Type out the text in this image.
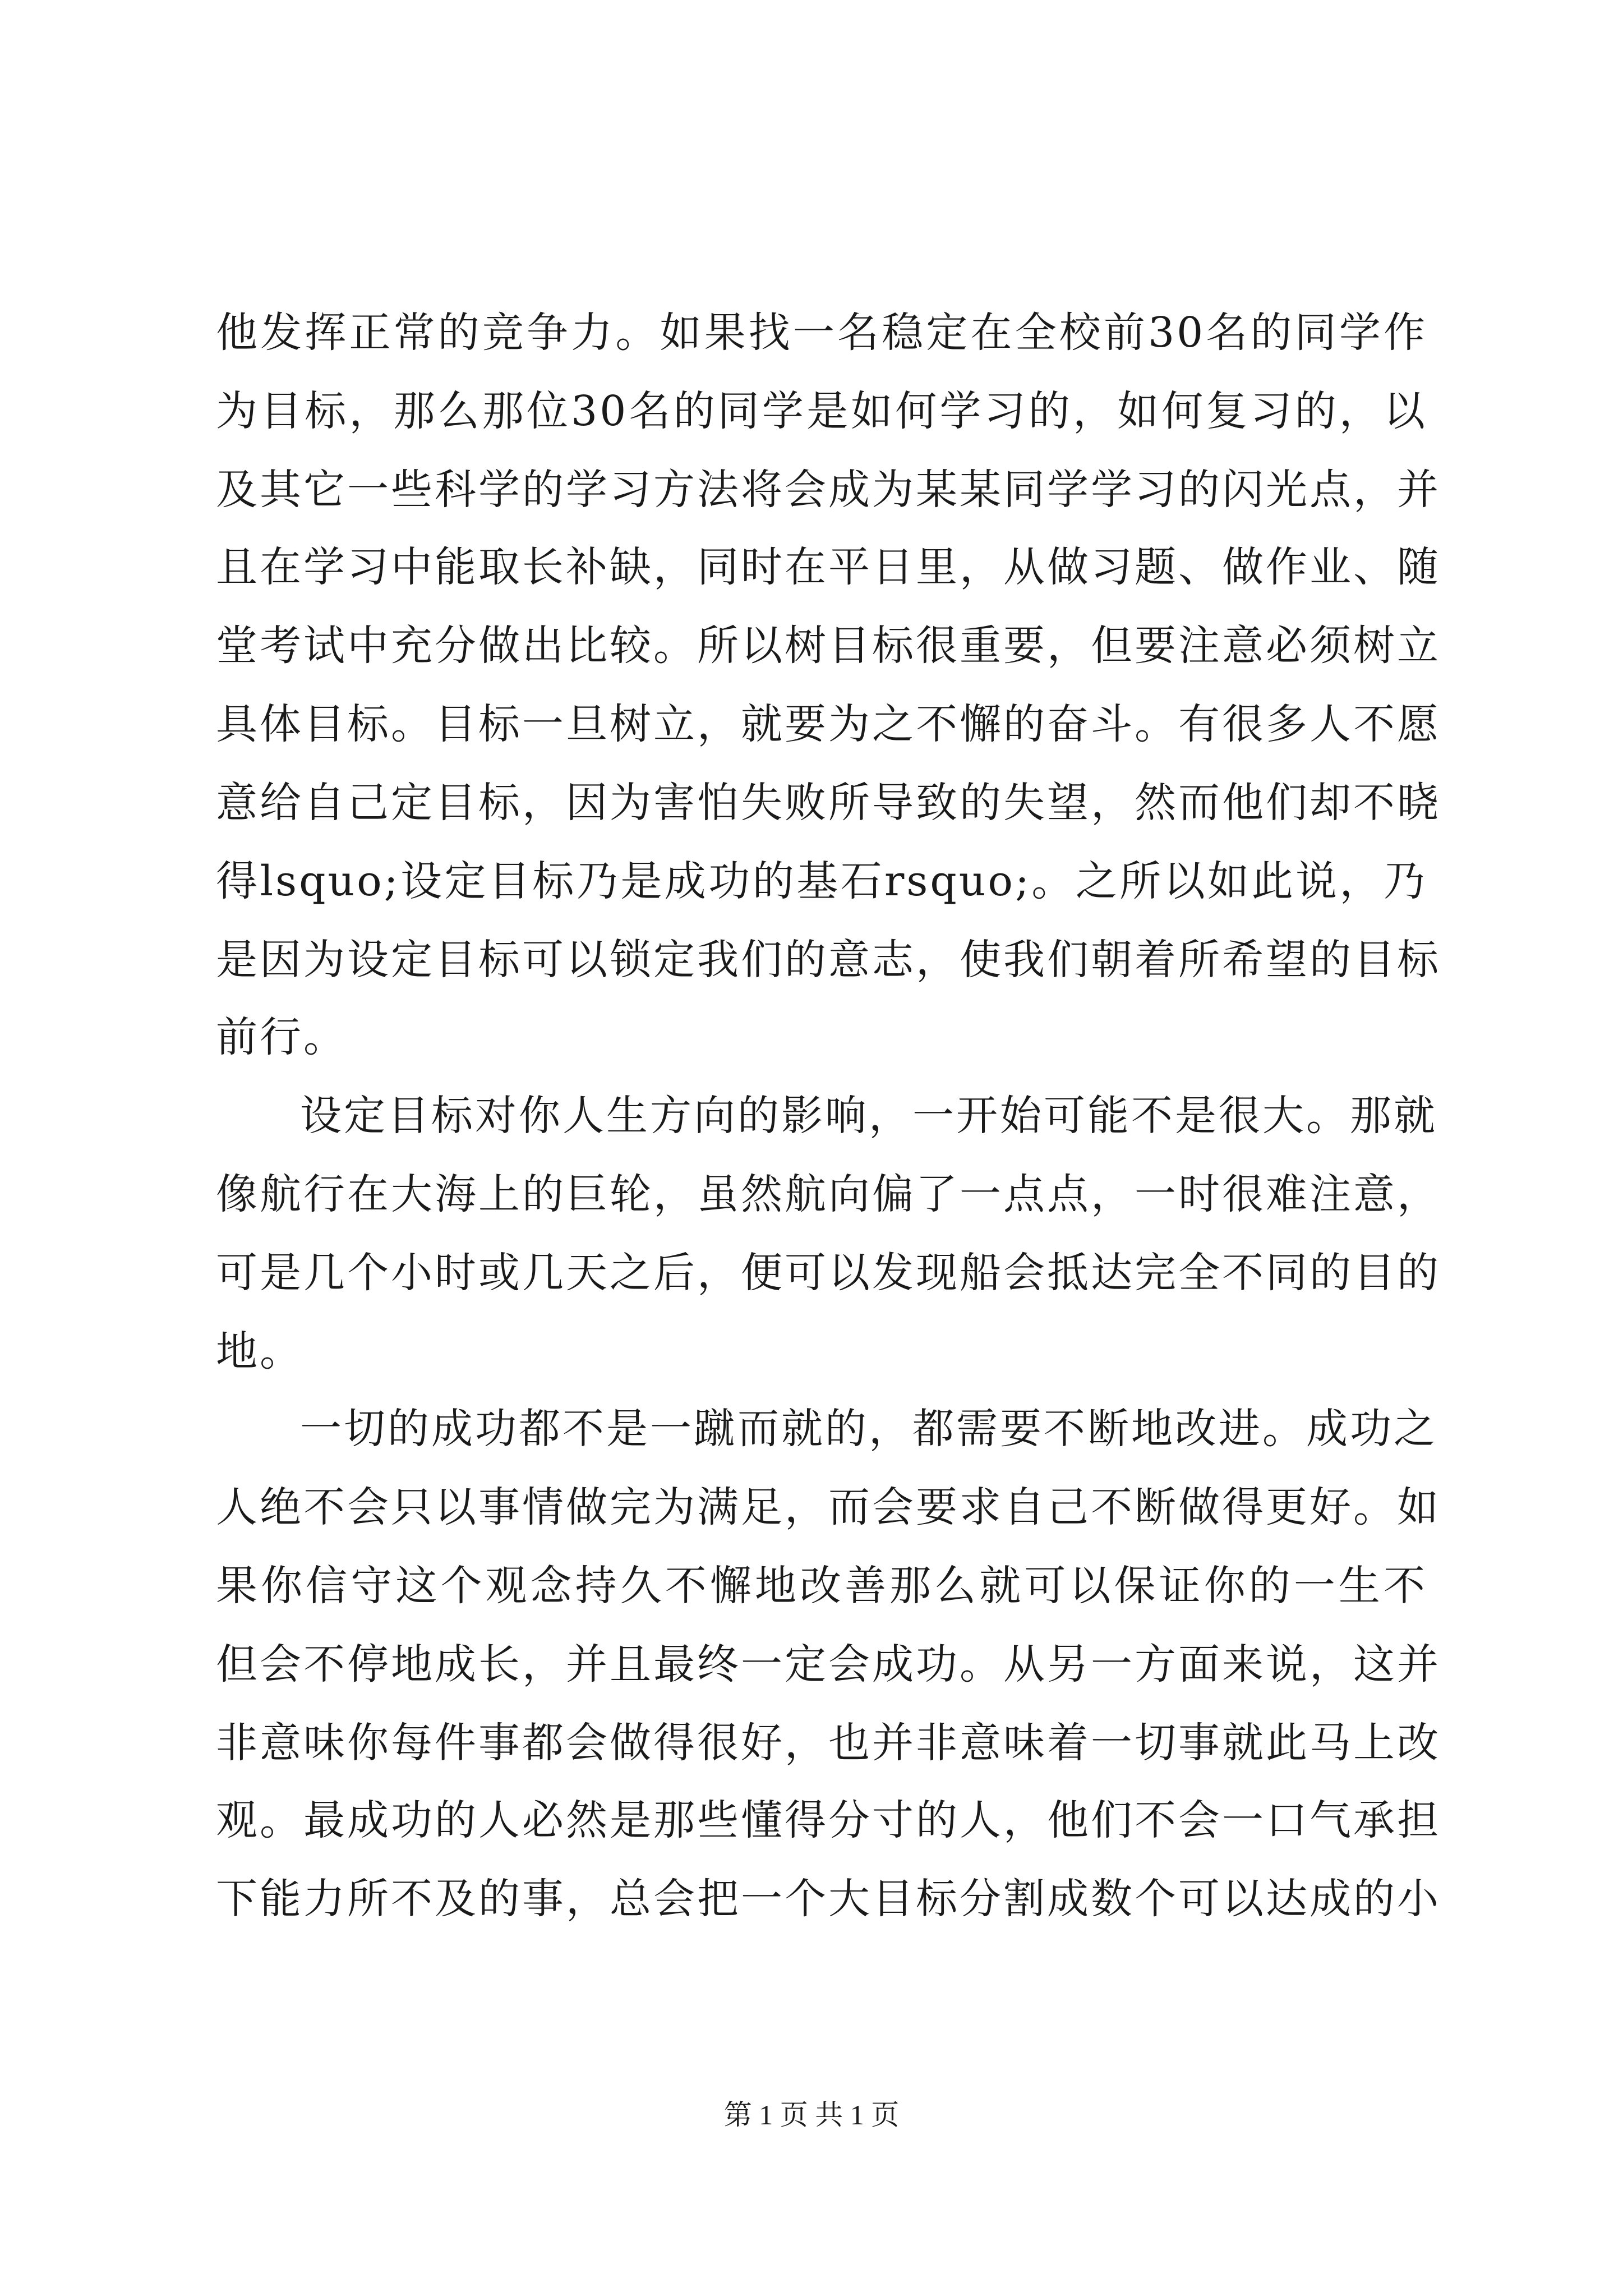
他发挥正常的竞争力。如果找一名稳定在全校前30名的同学作
为目标，那么那位30名的同学是如何学习的，如何复习的，以
及其它一些科学的学习方法将会成为某某同学学习的闪光点，并
且在学习中能取长补缺，同时在平日里，从做习题、做作业、随
堂考试中充分做出比较。所以树目标很重要，但要注意必须树立
具体目标。目标一旦树立，就要为之不懈的奋斗。有很多人不愿
意给自己定目标，因为害怕失败所导致的失望，然而他们却不晓
得lsquo;设定目标乃是成功的基石rsquo;。之所以如此说，乃
是因为设定目标可以锁定我们的意志，使我们朝着所希望的目标
前行。
设定目标对你人生方向的影响，一开始可能不是很大。那就
像航行在大海上的巨轮，虽然航向偏了一点点，一时很难注意，
可是几个小时或几天之后，便可以发现船会抵达完全不同的目的
地。
一切的成功都不是一蹴而就的，都需要不断地改进。成功之
人绝不会只以事情做完为满足，而会要求自己不断做得更好。如
果你信守这个观念持久不懈地改善那么就可以保证你的一生不
但会不停地成长，并且最终一定会成功。从另一方面来说，这并
非意味你每件事都会做得很好，也并非意味着一切事就此马上改
观。最成功的人必然是那些懂得分寸的人，他们不会一口气承担
下能力所不及的事，总会把一个大目标分割成数个可以达成的小
第 1 页 共 1 页
